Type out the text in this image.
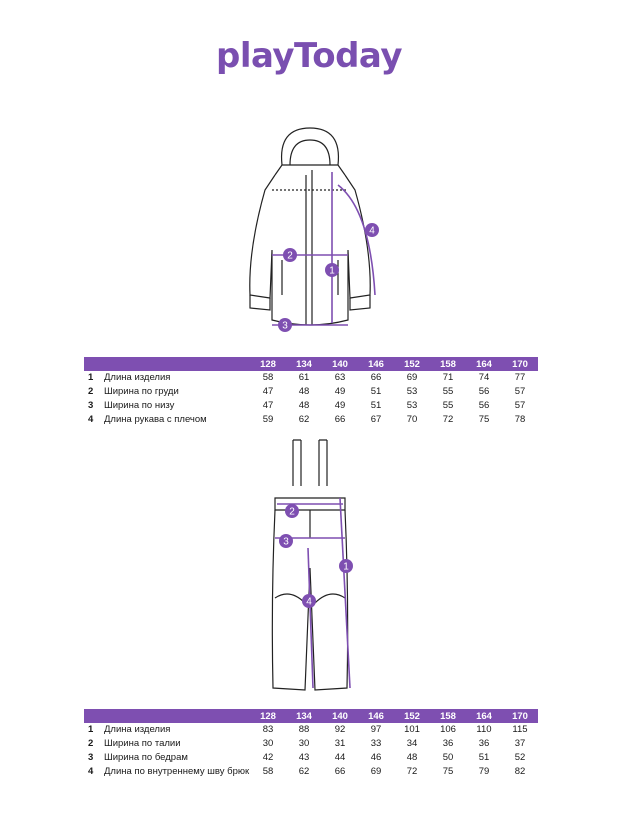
playToday
1
2
3
4
		128	134	140	146	152	158	164	170
1	Длина изделия	58	61	63	66	69	71	74	77
2	Ширина по груди	47	48	49	51	53	55	56	57
3	Ширина по низу	47	48	49	51	53	55	56	57
4	Длина рукава с плечом	59	62	66	67	70	72	75	78
1
2
3
4
		128	134	140	146	152	158	164	170
1	Длина изделия	83	88	92	97	101	106	110	115
2	Ширина по талии	30	30	31	33	34	36	36	37
3	Ширина по бедрам	42	43	44	46	48	50	51	52
4	Длина по внутреннему шву брюк	58	62	66	69	72	75	79	82
